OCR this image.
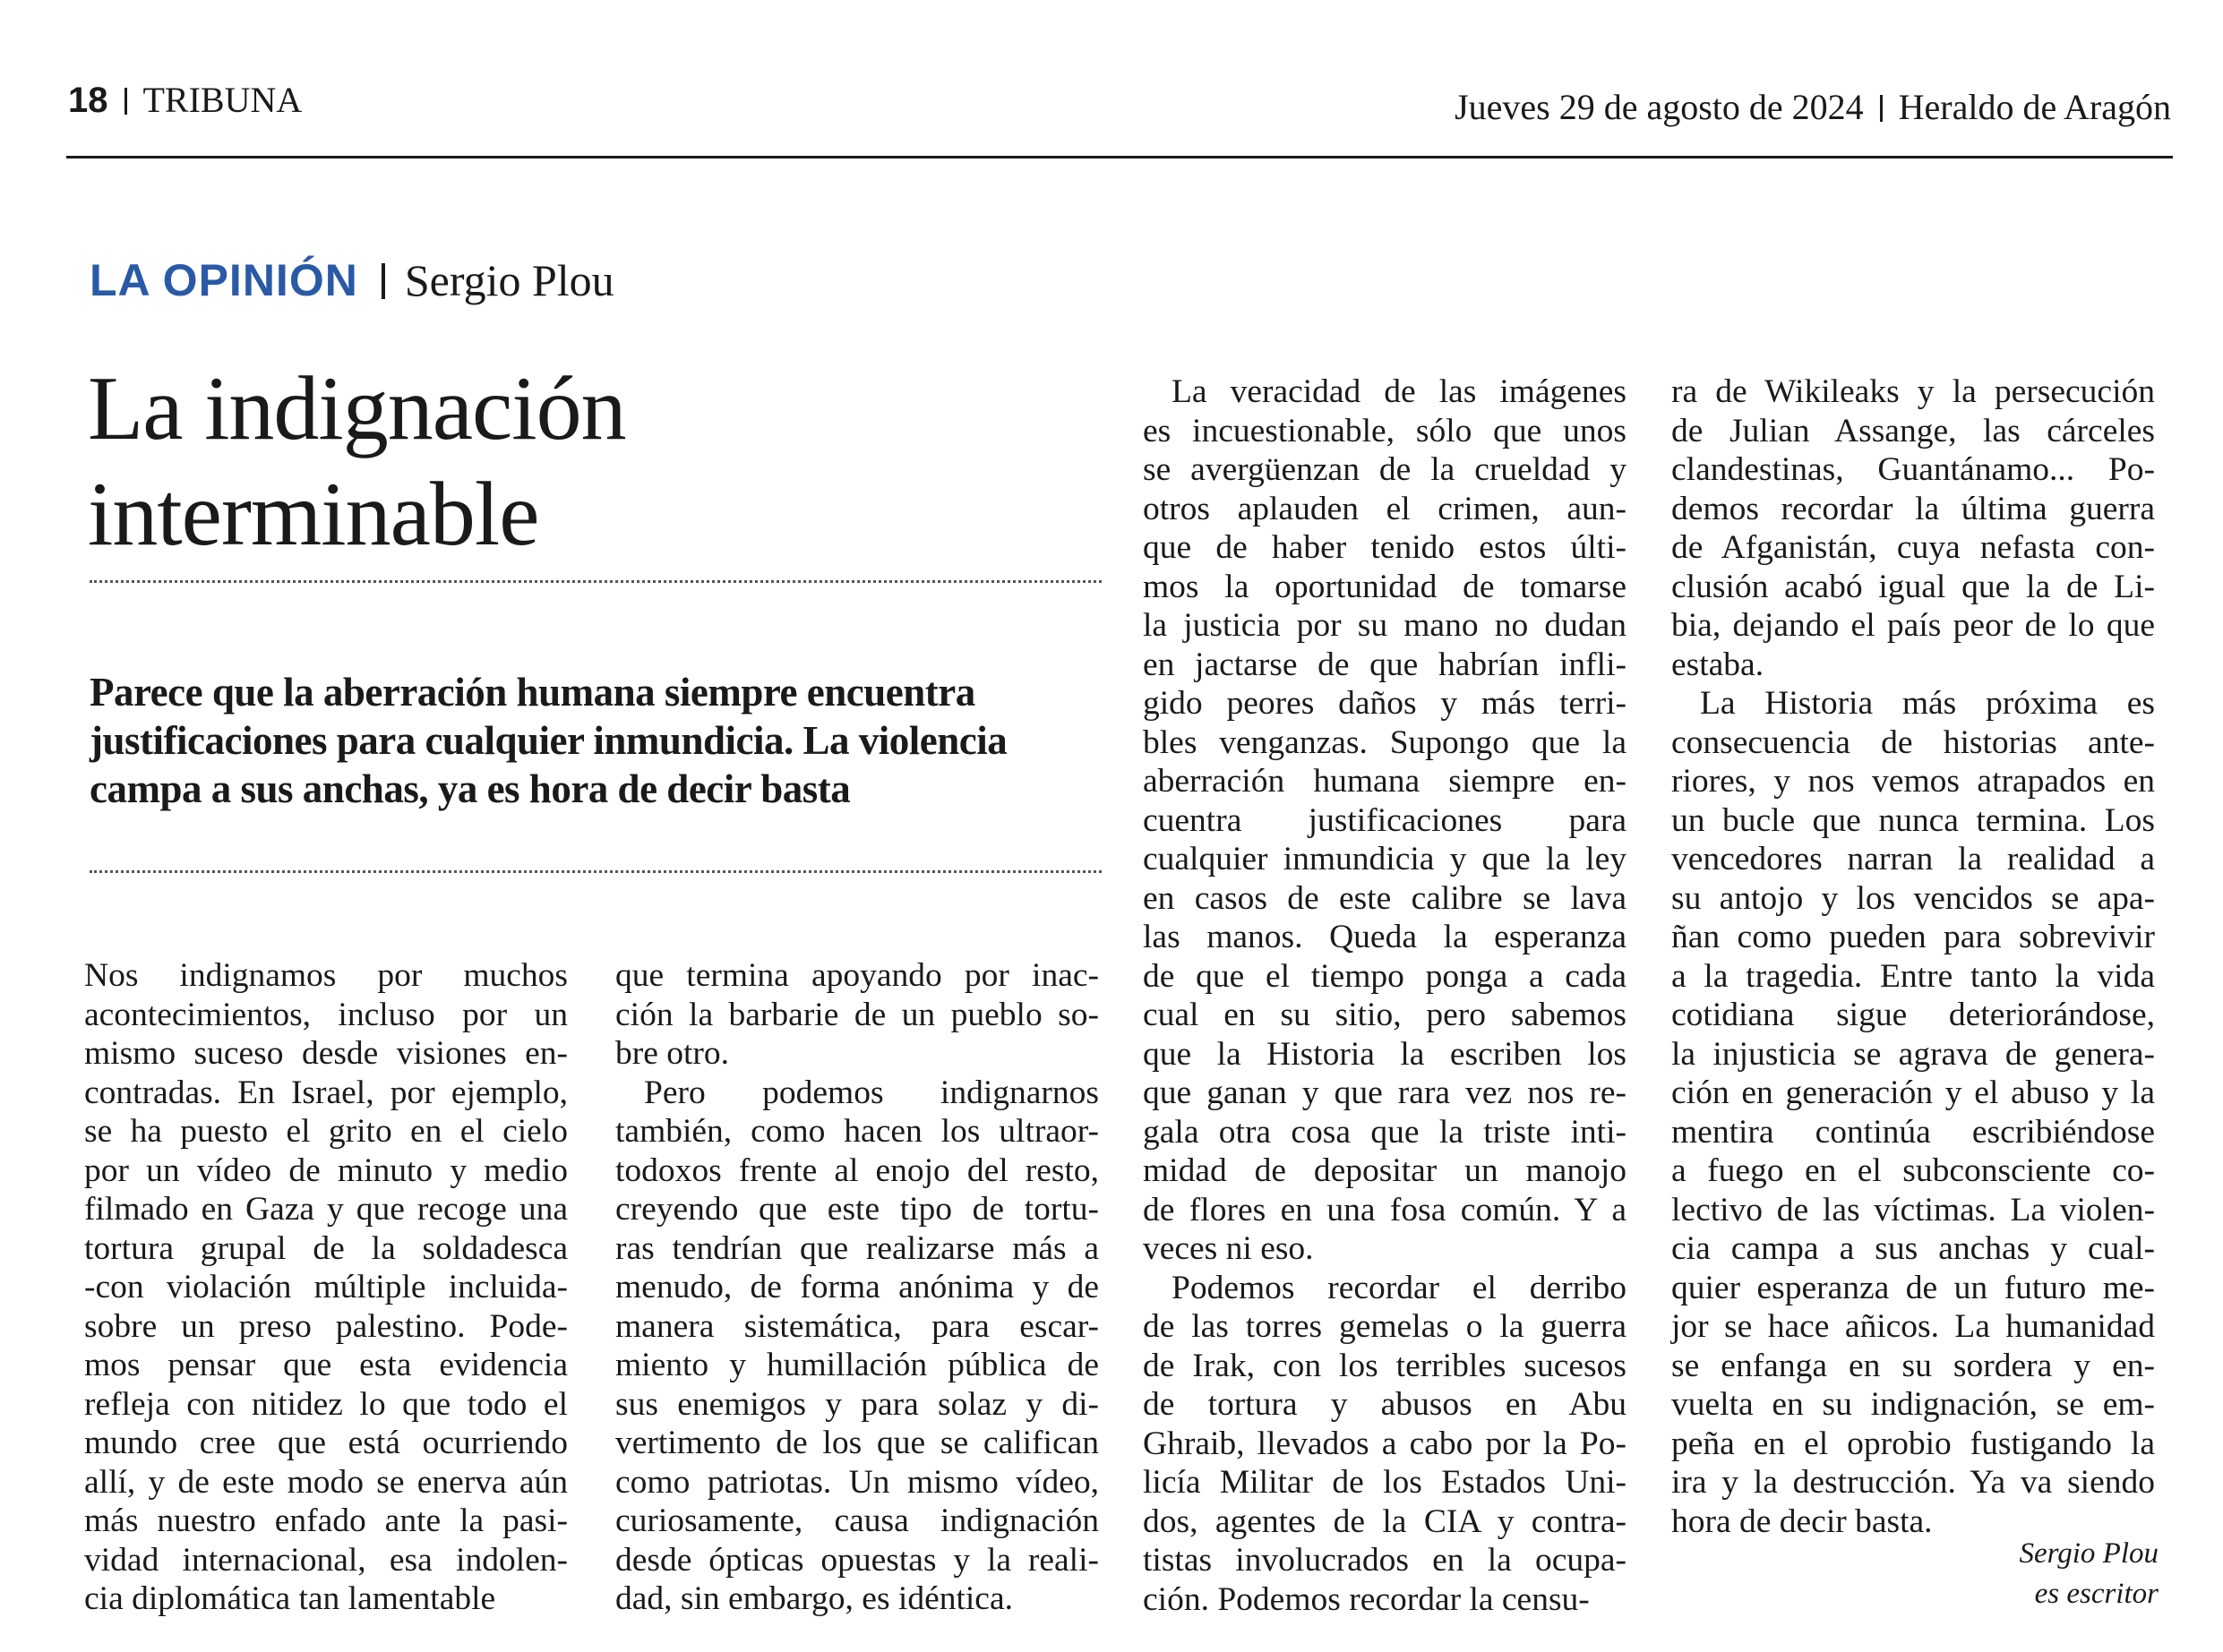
18 TRIBUNA	Jueves 29 de agosto de 2024 Heraldo de Aragón
LA OPINIÓN Sergio Plou
La indignación
interminable
Parece que la aberración humana siempre encuentra
justificaciones para cualquier inmundicia. La violencia
campa a sus anchas, ya es hora de decir basta
Nos indignamos por muchos
acontecimientos, incluso por un
mismo suceso desde visiones en-
contradas. En Israel, por ejemplo,
se ha puesto el grito en el cielo
por un vídeo de minuto y medio
filmado en Gaza y que recoge una
tortura grupal de la soldadesca
-con violación múltiple incluida-
sobre un preso palestino. Pode-
mos pensar que esta evidencia
refleja con nitidez lo que todo el
mundo cree que está ocurriendo
allí, y de este modo se enerva aún
más nuestro enfado ante la pasi-
vidad internacional, esa indolen-
cia diplomática tan lamentable
que termina apoyando por inac-
ción la barbarie de un pueblo so-
bre otro.
Pero podemos indignarnos
también, como hacen los ultraor-
todoxos frente al enojo del resto,
creyendo que este tipo de tortu-
ras tendrían que realizarse más a
menudo, de forma anónima y de
manera sistemática, para escar-
miento y humillación pública de
sus enemigos y para solaz y di-
vertimento de los que se califican
como patriotas. Un mismo vídeo,
curiosamente, causa indignación
desde ópticas opuestas y la reali-
dad, sin embargo, es idéntica.
La veracidad de las imágenes
es incuestionable, sólo que unos
se avergüenzan de la crueldad y
otros aplauden el crimen, aun-
que de haber tenido estos últi-
mos la oportunidad de tomarse
la justicia por su mano no dudan
en jactarse de que habrían infli-
gido peores daños y más terri-
bles venganzas. Supongo que la
aberración humana siempre en-
cuentra justificaciones para
cualquier inmundicia y que la ley
en casos de este calibre se lava
las manos. Queda la esperanza
de que el tiempo ponga a cada
cual en su sitio, pero sabemos
que la Historia la escriben los
que ganan y que rara vez nos re-
gala otra cosa que la triste inti-
midad de depositar un manojo
de flores en una fosa común. Y a
veces ni eso.
Podemos recordar el derribo
de las torres gemelas o la guerra
de Irak, con los terribles sucesos
de tortura y abusos en Abu
Ghraib, llevados a cabo por la Po-
licía Militar de los Estados Uni-
dos, agentes de la CIA y contra-
tistas involucrados en la ocupa-
ción. Podemos recordar la censu-
ra de Wikileaks y la persecución
de Julian Assange, las cárceles
clandestinas, Guantánamo... Po-
demos recordar la última guerra
de Afganistán, cuya nefasta con-
clusión acabó igual que la de Li-
bia, dejando el país peor de lo que
estaba.
La Historia más próxima es
consecuencia de historias ante-
riores, y nos vemos atrapados en
un bucle que nunca termina. Los
vencedores narran la realidad a
su antojo y los vencidos se apa-
ñan como pueden para sobrevivir
a la tragedia. Entre tanto la vida
cotidiana sigue deteriorándose,
la injusticia se agrava de genera-
ción en generación y el abuso y la
mentira continúa escribiéndose
a fuego en el subconsciente co-
lectivo de las víctimas. La violen-
cia campa a sus anchas y cual-
quier esperanza de un futuro me-
jor se hace añicos. La humanidad
se enfanga en su sordera y en-
vuelta en su indignación, se em-
peña en el oprobio fustigando la
ira y la destrucción. Ya va siendo
hora de decir basta.
Sergio Plou
es escritor
